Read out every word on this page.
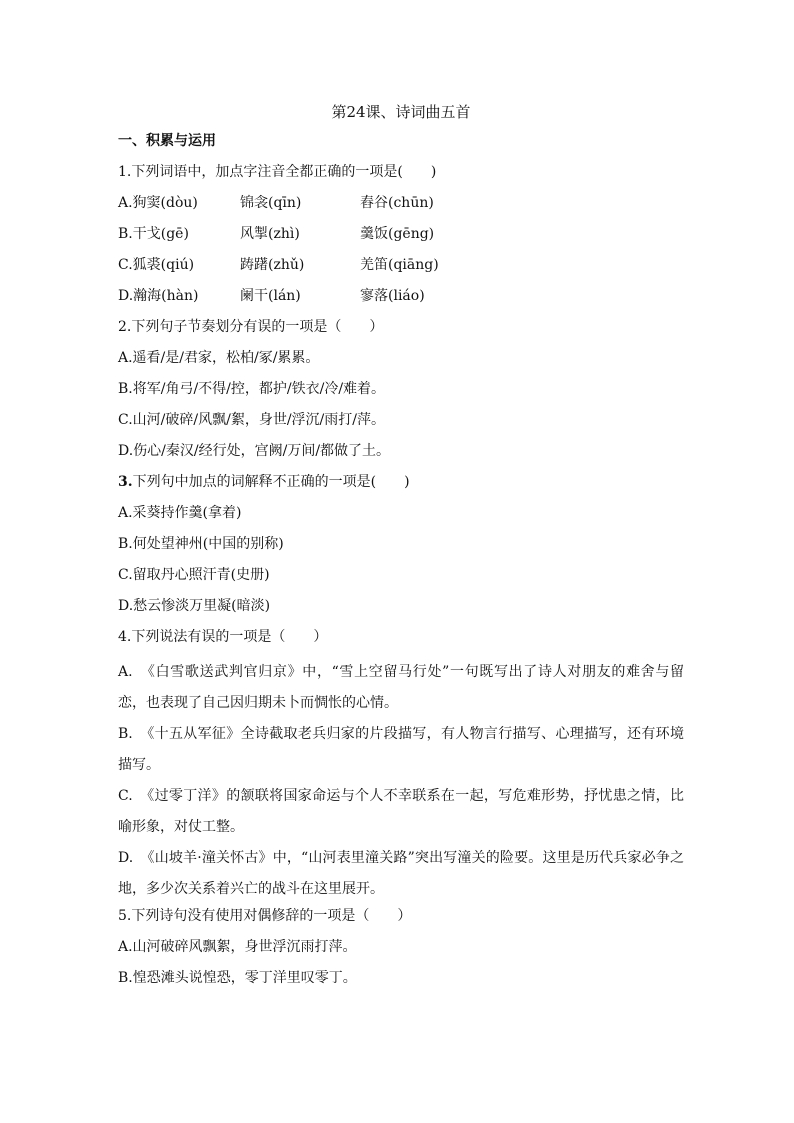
第24课、诗词曲五首
一、积累与运用
1.下列词语中，加点字注音全都正确的一项是(　　)
A.狗窦(dòu)	锦衾(qīn)	舂谷(chūn)
B.干戈(gē)	风掣(zhì)	羹饭(gēng)
C.狐裘(qiú)	踌躇(zhǔ)	羌笛(qiāng)
D.瀚海(hàn)	阑干(lán)	寥落(liáo)
2.下列句子节奏划分有误的一项是（　　）
A.遥看/是/君家，松柏/冢/累累。
B.将军/角弓/不得/控，都护/铁衣/冷/难着。
C.山河/破碎/风飘/絮，身世/浮沉/雨打/萍。
D.伤心/秦汉/经行处，宫阙/万间/都做了土。
3.下列句中加点的词解释不正确的一项是(　　)
A.采葵持作羹(拿着)
B.何处望神州(中国的别称)
C.留取丹心照汗青(史册)
D.愁云惨淡万里凝(暗淡)
4.下列说法有误的一项是（　　）
A.　《白雪歌送武判官归京》中，“雪上空留马行处”一句既写出了诗人对朋友的难舍与留恋，也表现了自己因归期未卜而惆怅的心情。
B.　《十五从军征》全诗截取老兵归家的片段描写，有人物言行描写、心理描写，还有环境描写。
C.　《过零丁洋》的颔联将国家命运与个人不幸联系在一起，写危难形势，抒忧患之情，比喻形象，对仗工整。
D.　《山坡羊·潼关怀古》中，“山河表里潼关路”突出写潼关的险要。这里是历代兵家必争之地，多少次关系着兴亡的战斗在这里展开。
5.下列诗句没有使用对偶修辞的一项是（　　）
A.山河破碎风飘絮，身世浮沉雨打萍。
B.惶恐滩头说惶恐，零丁洋里叹零丁。
